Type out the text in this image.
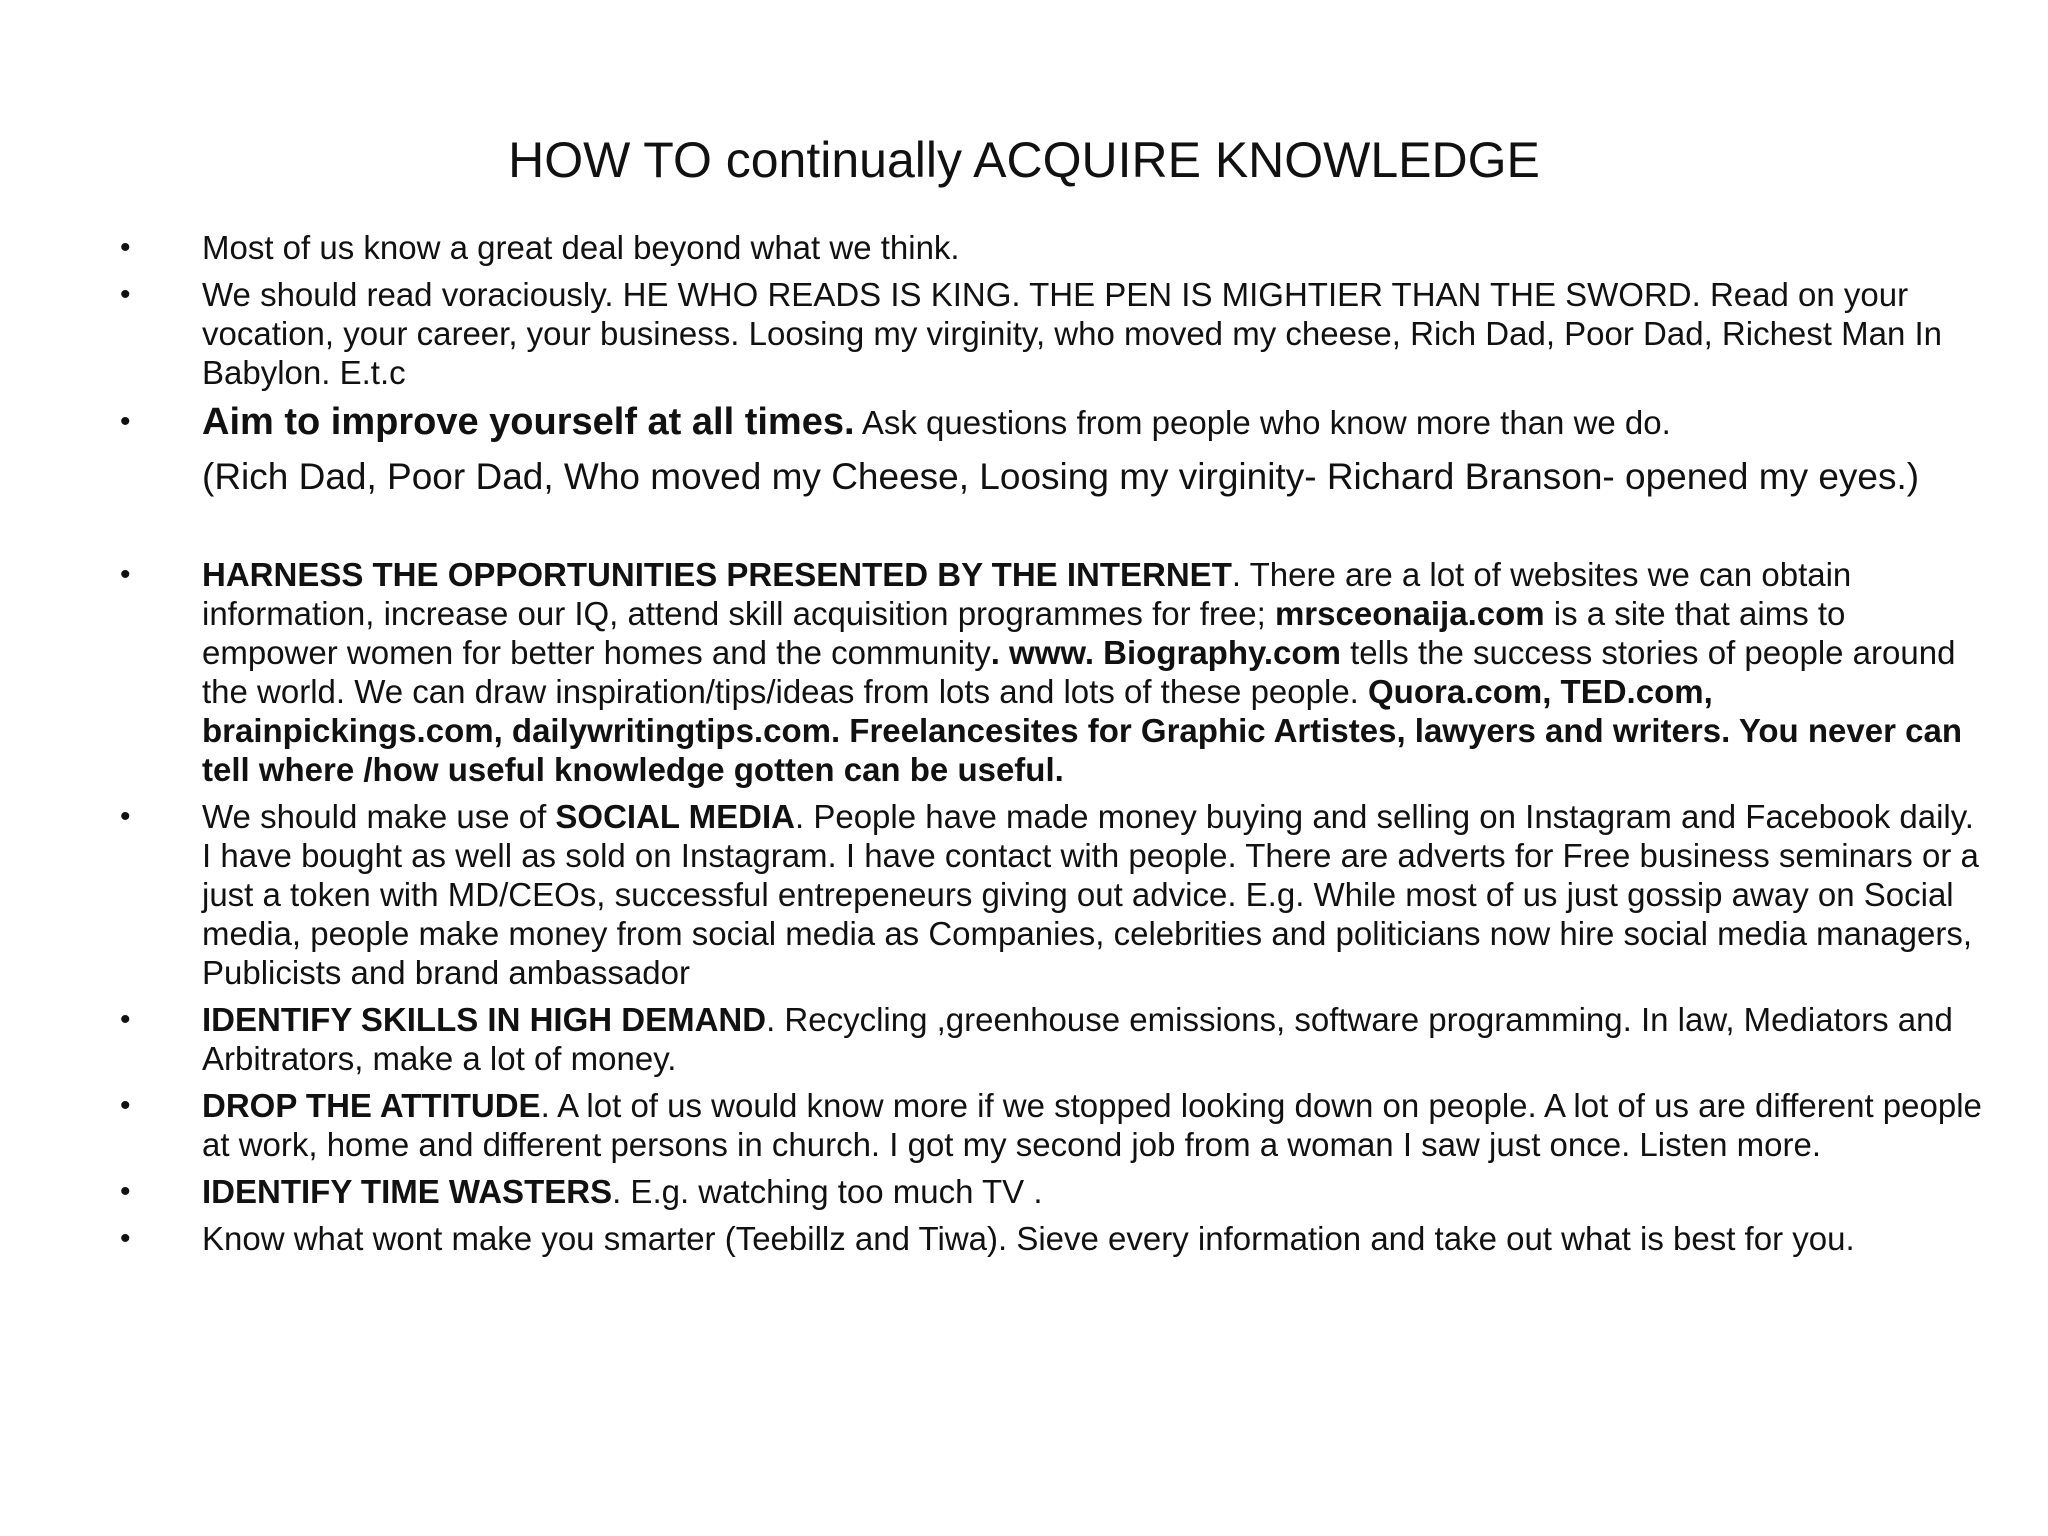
HOW TO continually ACQUIRE KNOWLEDGE
• Most of us know a great deal beyond what we think.
• We should read voraciously. HE WHO READS IS KING. THE PEN IS MIGHTIER THAN THE SWORD. Read on your vocation, your career, your business. Loosing my virginity, who moved my cheese, Rich Dad, Poor Dad, Richest Man In Babylon. E.t.c
• Aim to improve yourself at all times. Ask questions from people who know more than we do.
(Rich Dad, Poor Dad, Who moved my Cheese, Loosing my virginity- Richard Branson- opened my eyes.)
• HARNESS THE OPPORTUNITIES PRESENTED BY THE INTERNET. There are a lot of websites we can obtain information, increase our IQ, attend skill acquisition programmes for free; mrsceonaija.com is a site that aims to empower women for better homes and the community. www. Biography.com tells the success stories of people around the world. We can draw inspiration/tips/ideas from lots and lots of these people. Quora.com, TED.com, brainpickings.com, dailywritingtips.com. Freelancesites for Graphic Artistes, lawyers and writers. You never can tell where /how useful knowledge gotten can be useful.
• We should make use of SOCIAL MEDIA. People have made money buying and selling on Instagram and Facebook daily. I have bought as well as sold on Instagram. I have contact with people. There are adverts for Free business seminars or a just a token with MD/CEOs, successful entrepeneurs giving out advice. E.g. While most of us just gossip away on Social media, people make money from social media as Companies, celebrities and politicians now hire social media managers, Publicists and brand ambassador
• IDENTIFY SKILLS IN HIGH DEMAND. Recycling ,greenhouse emissions, software programming. In law, Mediators and Arbitrators, make a lot of money.
• DROP THE ATTITUDE. A lot of us would know more if we stopped looking down on people. A lot of us are different people at work, home and different persons in church. I got my second job from a woman I saw just once. Listen more.
• IDENTIFY TIME WASTERS. E.g. watching too much TV .
• Know what wont make you smarter (Teebillz and Tiwa). Sieve every information and take out what is best for you.
